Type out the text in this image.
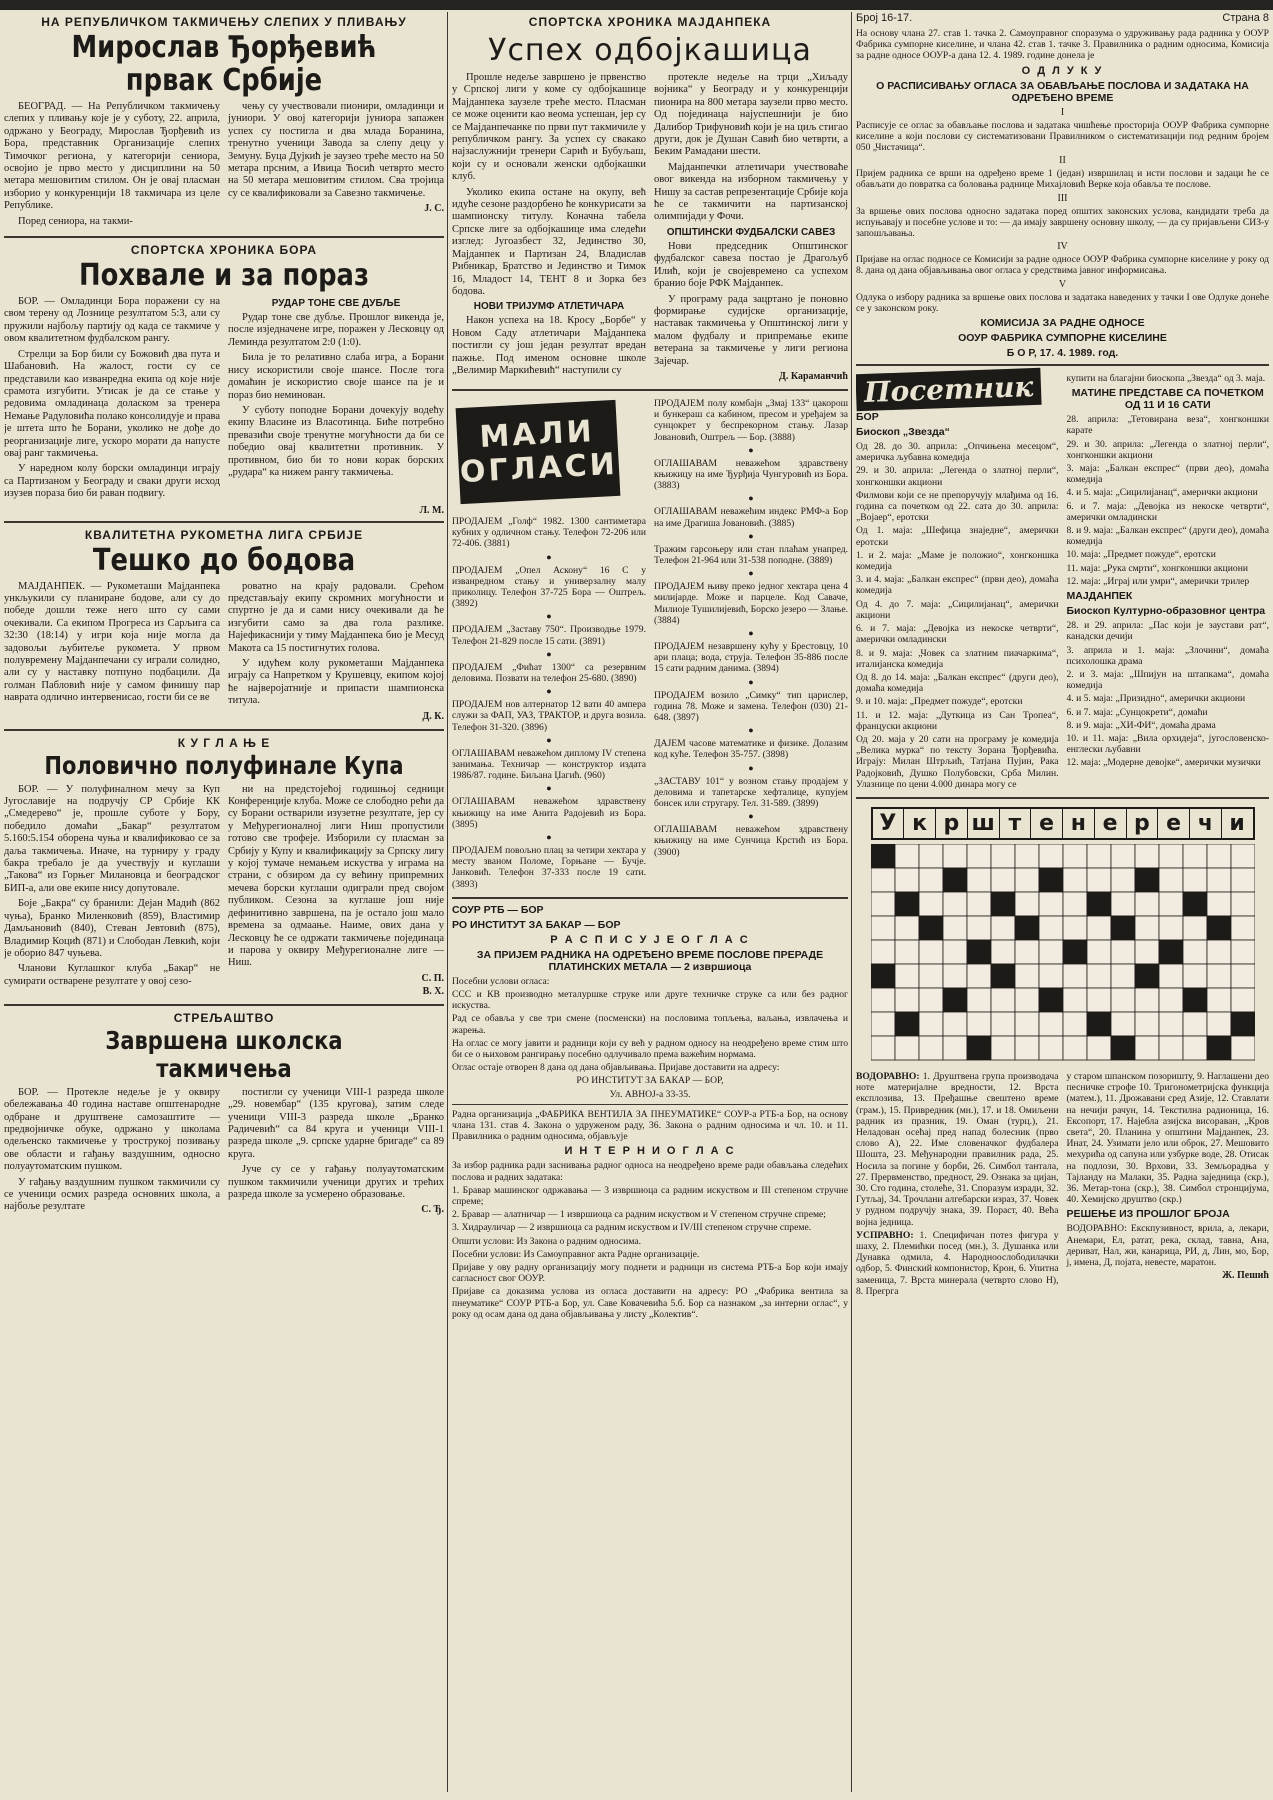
НА РЕПУБЛИЧКОМ ТАКМИЧЕЊУ СЛЕПИХ У ПЛИВАЊУ
Мирослав Ђорђевић првак Србије

БЕОГРАД. — На Републичком такмичењу слепих у пливању које је у суботу, 22. априла, одржано у Београду, Мирослав Ђорђевић из Бора, представник Организације слепих Тимочког региона, у категорији сениора, освојио је прво место у дисциплини на 50 метара мешовитим стилом. Он је овај пласман изборио у конкуренцији 18 такмичара из целе Републике.

Поред сениора, на такми-

чењу су учествовали пионири, омладинци и јуниори. У овој категорији јуниора запажен успех су постигла и два млада Боранина, тренутно ученици Завода за слепу децу у Земуну. Буца Дујкић је заузео треће место на 50 метара прсним, а Ивица Ћосић четврто место на 50 метара мешовитим стилом. Сва тројица су се квалификовали за Савезно такмичење.

Ј. С.
СПОРТСКА ХРОНИКА БОРА
Похвале и за пораз

БОР. — Омладинци Бора поражени су на свом терену од Лознице резултатом 5:3, али су пружили најбољу партију од када се такмиче у овом квалитетном фудбалском рангу.

Стрелци за Бор били су Божовић два пута и Шабановић. На жалост, гости су се представили као изванредна екипа од које није срамота изгубити. Утисак је да се стање у редовима омладинаца доласком за тренера Немање Радуловића полако консолидује и права је штета што ће Борани, уколико не дође до реорганизације лиге, ускоро морати да напусте овај ранг такмичења.

У наредном колу борски омладинци играју са Партизаном у Београду и сваки други исход изузев пораза био би раван подвигу.

РУДАР ТОНЕ СВЕ ДУБЉЕ

Рудар тоне све дубље. Прошлог викенда је, после изједначене игре, поражен у Лесковцу од Леминда резултатом 2:0 (1:0).

Била је то релативно слаба игра, а Борани нису искористили своје шансе. После тога домаћин је искористио своје шансе па је и пораз био неминован.

У суботу поподне Борани дочекују водећу екипу Власине из Власотинца. Биће потребно превазићи своје тренутне могућности да би се победио овај квалитетни противник. У противном, био би то нови корак борских „рудара“ ка нижем рангу такмичења.

Л. М.
КВАЛИТЕТНА РУКОМЕТНА ЛИГА СРБИЈЕ
Тешко до бодова

МАЈДАНПЕК. — Рукометаши Мајданпека ункљукили су планиране бодове, али су до победе дошли теже него што су сами очекивали. Са екипом Прогреса из Сарљига са 32:30 (18:14) у игри која није могла да задовољи љубитеље рукомета. У првом полувремену Мајданпечани су играли солидно, али су у наставку потпуно подбацили. Да голман Пабловић није у самом финишу пар навратa одлично интервенисао, гости би се вe

роватно на крају радовали. Срећом представљају екипу скромних могућности и спуртно је да и сами нису очекивали да ће изгубити само за два гола разлике. Најефикаснији у тиму Мајданпека био је Месуд Макота са 15 постигнутих голова.

У идућем колу рукометаши Мајданпека играју са Напретком у Крушевцу, екипом којој ће најверојатније и припасти шампионска титула.

Д. К.
К У Г Л А Њ Е
Половично полуфинале Купа

БОР. — У полуфиналном мечу за Куп Југославије на подручју СР Србије КК „Смедерево“ је, прошле суботе у Бору, победило домаћи „Бакар“ резултатом 5.160:5.154 оборена чуњa и квалификовао се за даља такмичења. Иначе, на турниру у граду бакра требало је да учествују и куглаши „Такова“ из Горњег Милановца и београдског БИП-а, али ове екипе нису допутовале.

Боје „Бакра“ су бранили: Дејан Мадић (862 чуња), Бранко Миленковић (859), Властимир Дамљановић (840), Стеван Јевтовић (875), Владимир Коцић (871) и Слободан Левкић, који је оборио 847 чуњева.

Чланови Куглашког клуба „Бакар“ не сумирати остварене резултате у овој сезо-

ни на предстојећој годишњој седници Конференције клуба. Може се слободно рећи да су Борани остварили изузетне резултате, јер су у Међурегионалној лиги Ниш пропустили готово све трофеје. Изборили су пласман за Србију у Купу и квалификацију за Српску лигу у којој тумаче немањем искуства у играма на страни, с обзиром да су већину припремних мечева борски куглаши одигрaли пред својом публиком. Сезона за куглаше још није дефинитивно завршена, па је остало још мало времена за одмаање. Наиме, ових дана у Лесковцу ће се одржати такмичење појединаца и парова у оквиру Међурегионалне лиге — Ниш.

С. П.
В. Х.
СТРЕЉАШТВО
Завршена школска такмичења

БОР. — Протекле недеље је у оквиру обележавања 40 година наставе општенародне одбране и друштвене самозаштите — предвојничке обуке, одржано у школама одељенско такмичење у трострукој позивању ове области и гађању ваздушним, односно полуаутоматским пушком.

У гађању ваздушним пушком такмичили су се ученици осмих разреда основних школа, а најбоље резултате

постигли су ученици VIII-1 разреда школе „29. новембар“ (135 кругова), затим следе ученици VIII-3 разреда школе „Бранко Радичевић“ са 84 круга и ученици VIII-1 разреда школе „9. српске ударне бригаде“ са 89 круга.

Јуче су се у гађању полуаутоматским пушком такмичили ученици других и трећих разреда школе за усмерено образовање.

С. Ђ.
СПОРТСКА ХРОНИКА МАЈДАНПЕКА
Успех одбојкашица

Прошле недеље завршено је првенство у Српској лиги у коме су одбојкашице Мајданпека заузеле треће место. Пласман се може оценити као веома успешан, јер су се Мајданпечанке по први пут такмичиле у републичком рангу. За успех су свакако најзаслужнији тренери Сарић и Бубуљаш, који су и основали женски одбојкашки клуб.

Уколико екипа остане на окупу, већ идуће сезоне раздорбено ће конкурисати за шампионску титулу. Коначна табела Српске лиге за одбојкашице има следећи изглед: Југоазбест 32, Јединство 30, Мајданпек и Партизан 24, Владислав Рибникар, Братство и Јединство и Тимок 16, Младост 14, ТЕНТ 8 и Зорка без бодова.

НОВИ ТРИЈУМФ АТЛЕТИЧАРА

Након успеха на 18. Кросу „Борбе“ у Новом Саду атлетичари Мајданпека постигли су још један резултат вредан пажње. Под именом основне школе „Велимир Маркићевић“ наступили су

протекле недеље на трци „Хиљаду војника“ у Београду и у конкуренцији пионира на 800 метара заузели прво место. Од појединаца најуспешнији је био Далибор Трифуновић који је на циљ стигао други, док је Душан Савић био четврти, а Беким Рамадани шести.

Мајданпечки атлетичари учествоваће овог викенда на изборном такмичењу у Нишу за састав репрезентације Србије која ће се такмичити на партизанској олимпијади у Фочи.

ОПШТИНСКИ ФУДБАЛСКИ САВЕЗ

Нови председник Општинског фудбалског савеза постао је Драгољуб Илић, који је својевремено са успехом бранио боје РФК Мајданпек.

У програму рада зацртано је поновно формирање судијске организације, наставак такмичења у Општинској лиги у малом фудбалу и припремање екипе ветерана за такмичење у лиги региона Зајечар.

Д. Караманчић
МАЛИ
ОГЛАСИ

ПРОДАЈЕМ „Голф“ 1982. 1300 сантиметара кубних у одличном стању. Телефон 72-206 или 72-406. (3881)

●

ПРОДАЈЕМ „Опел Аскону“ 16 С у изванредном стању и универзалну малу приколицу. Телефон 37-725 Бора — Оштрељ. (3892)

●

ПРОДАЈЕМ „Заставу 750“. Производње 1979. Телефон 21-829 после 15 сати. (3891)

●

ПРОДАЈЕМ „Фићат 1300“ са резервним деловима. Позвати на телефон 25-680. (3890)

●

ПРОДАЈЕМ нов алтернатор 12 вати 40 ампера служи за ФАП, УАЗ, ТРАКТОР, и друга возила. Телефон 31-320. (3896)

●

ОГЛАШАВАМ неважећом диплому IV степена занимања. Техничар — конструктор издата 1986/87. године. Биљана Џагић. (960)

●

ОГЛАШАВАМ неважећом здравствену књижицу на име Анита Радојевић из Бора. (3895)

●

ПРОДАЈЕМ повољно плац за четири хектара у месту званом Поломе, Горњане — Бучје. Јанковић. Телефон 37-333 после 19 сати. (3893)

ПРОДАЈЕМ полу комбајн „Змај 133“ цакорош и бункераш са кабином, пресом и уређајем за сунцокрет у беспрекорном стању. Лазар Јовановић, Оштрељ — Бор. (3888)

●

ОГЛАШАВАМ неважећом здравствену књижицу на име Ђурђија Чунгуровић из Бора. (3883)

●

ОГЛАШАВАМ неважећим индекс РМФ-а Бор на име Драгиша Јовановић. (3885)

●

Тражим гарсоњеру или стан плаћам унапред. Телефон 21-964 или 31-538 поподне. (3889)

●

ПРОДАЈЕМ њиву преко једног хектара цена 4 милијарде. Може и парцеле. Код Саваче, Милиоје Тушилијевић, Борско језеро — Злање. (3884)

●

ПРОДАЈЕМ незавршену кућу у Брестовцу, 10 ари плаца; вода, струја. Телефон 35-886 после 15 сати радним данима. (3894)

●

ПРОДАЈЕМ возило „Симку“ тип царислер, година 78. Може и замена. Телефон (030) 21-648. (3897)

●

ДАЈЕМ часове математике и физике. Долазим код куће. Телефон 35-757. (3898)

●

„ЗАСТАВУ 101“ у возном стању продајем у деловима и тапетарске хефталице, купујем бонсек или стругару. Тел. 31-589. (3899)

●

ОГЛАШАВАМ неважећом здравствену књижицу на име Сунчица Крстић из Бора. (3900)

СОУР РТБ — БОР
РО ИНСТИТУТ ЗА БАКАР — БОР
Р А С П И С У Ј Е О Г Л А С
ЗА ПРИЈЕМ РАДНИКА НА ОДРЕЂЕНО ВРЕМЕ ПОСЛОВЕ ПРЕРАДЕ ПЛАТИНСКИХ МЕТАЛА — 2 извршиоца

Посебни услови огласа:

ССС и КВ производно металуршке струке или друге техничке струке са или без радног искуства.

Рад се обавља у све три смене (посменски) на пословима топљења, ваљања, извлачења и жарења.

На оглас се могу јавити и радници који су већ у радном односу на неодређено време стим што би се о њиховом рангирању посебно одлучивало према важећим нормама.

Оглас остаје отворен 8 дана од дана објављивања. Пријаве доставити на адресу:

РО ИНСТИТУТ ЗА БАКАР — БОР,

Ул. АВНОЈ-а 33-35.

Радна организација „ФАБРИКА ВЕНТИЛА ЗА ПНЕУМАТИКЕ“ СОУР-а РТБ-а Бор, на основу члана 131. став 4. Закона о удруженом раду, 36. Закона о радним односима и чл. 10. и 11. Правилника о радним односима, објављује

И Н Т Е Р Н И О Г Л А С

За избор радника ради заснивања радног односа на неодређено време ради обављања следећих послова и радних задатака:

1. Бравар машинског одржавања — 3 извршиоца са радним искуством и III степеном стручне спреме;

2. Бравар — алатничар — 1 извршиоца са радним искуством и V степеном стручне спреме;

3. Хидрауличар — 2 извршиоца са радним искуством и IV/III степеном стручне спреме.

Општи услови: Из Закона о радним односима.

Посебни услови: Из Самоуправног акта Радне организације.

Пријаве у ову радну организацију могу поднети и радници из система РТБ-а Бор који имају сагласност свог ООУР.

Пријаве са доказима услова из огласа доставити на адресу: РО „Фабрика вентила за пнеуматике“ СОУР РТБ-а Бор, ул. Саве Ковачевића 5.б. Бор са назнаком „за интерни оглас“, у року од осам дана од дана објављивања у листу „Колектив“.

Број 16-17.	Страна 8

На основу члана 27. став 1. тачка 2. Самоуправног споразума о удруживању рада радника у ООУР Фабрика сумпорне киселине, и члана 42. став 1. тачке 3. Правилника о радним односима, Комисија за радне односе ООУР-а дана 12. 4. 1989. године донела је

О Д Л У К У
О РАСПИСИВАЊУ ОГЛАСА ЗА ОБАВЉАЊЕ ПОСЛОВА И ЗАДАТАКА НА ОДРЕЂЕНО ВРЕМЕ
I

Расписује се оглас за обављање послова и задатака чишћење просторија ООУР Фабрика сумпорне киселине а који послови су систематизовани Правилником о систематизацији под редним бројем 050 „Чистачица“.

II

Пријем радника се врши на одређено време 1 (један) извршилац и исти послови и задаци ће се обављати до повратка са боловања раднице Михајловић Верке која обавља те послове.

III

За вршење ових послова односно задатака поред општих законских услова, кандидати треба да испуњавају и посебне услове и то: — да имају завршену основну школу, — да су пријављени СИЗ-у запошљавања.

IV

Пријаве на оглас подносе се Комисији за радне односе ООУР Фабрика сумпорне киселине у року од 8. дана од дана објављивања овог огласа у средствима јавног информисања.

V

Одлука о избору радника за вршење ових послова и задатака наведених у тачки I ове Одлуке донеће се у законском року.

КОМИСИЈА ЗА РАДНЕ ОДНОСЕ
ООУР ФАБРИКА СУМПОРНЕ КИСЕЛИНЕ
Б О Р, 17. 4. 1989. год.
Посетник
БОР
Биоскоп „Звезда“

Од 28. до 30. априла: „Опчињена месецом“, америчка љубавна комедија

29. и 30. априла: „Легенда о златној перли“, хонгконшки акциони

Филмови који се не препоручују млађима од 16. година са почетком од 22. сата до 30. априла: „Војаер“, еротски

Од 1. маја: „Шефица знаједне“, амерички еротски

1. и 2. маја: „Маме је положио“, хонгконшка комедија

3. и 4. маја: „Балкан експрес“ (први део), домаћа комедија

Од 4. до 7. маја: „Сицилијанац“, амерички акциони

6. и 7. маја: „Девојка из некоске четврти“, амерички омладински

8. и 9. маја: „Човек са златним пиачаркима“, италијанска комедија

Од 8. до 14. маја: „Балкан експрес“ (други део), домаћа комедија

9. и 10. маја: „Предмет пожуде“, еротски

11. и 12. маја: „Дуткица из Сан Тропеа“, француски акциони

Од 20. маја у 20 сати на програму је комедија „Велика мурка“ по тексту Зорана Ђорђевића. Играју: Милан Штрљић, Татјана Пујин, Рака Радојковић, Душко Полубовски, Срба Милин. Улазнице по цени 4.000 динара могу се

купити на благајни биоскопа „Звезда“ од 3. маја.

МАТИНЕ ПРЕДСТАВЕ СА ПОЧЕТКОМ ОД 11 И 16 САТИ

28. априла: „Тетовирана веза“, хонгконшки карате

29. и 30. априла: „Легенда о златној перли“, хонгконшки акциони

3. маја: „Балкан експрес“ (први део), домаћа комедија

4. и 5. маја: „Сицилијанац“, амерички акциони

6. и 7. маја: „Девојка из некоске четврти“, амерички омладински

8. и 9. маја: „Балкан експрес“ (други део), домаћа комедија

10. маја: „Предмет пожуде“, еротски

11. маја: „Рука смрти“, хонгконшки акциони

12. маја: „Играј или умри“, амерички трилер

МАЈДАНПЕК
Биоскоп Културно-образовног центра

28. и 29. априла: „Пас који је заустави рат“, канадски дечији

3. априла и 1. маја: „Злочини“, домаћа психолошка драма

2. и 3. маја: „Шпијун на штапкама“, домаћа комедија

4. и 5. маја: „Призидно“, амерички акциони

6. и 7. маја: „Сунцокрети“, домаћи

8. и 9. маја: „ХИ-ФИ“, домаћа драма

10. и 11. маја: „Вила орхидеја“, југословенско-енглески љубавни

12. маја: „Модерне девојке“, амерички музички

У к р ш т е н е р е ч и

ВОДОРАВНО: 1. Друштвена група производача ноте материјалне вредности, 12. Врста експлозива, 13. Пређашње свештено време (грам.), 15. Привредник (мн.), 17. и 18. Омиљени радник из празник, 19. Оман (турц.), 21. Неладован осећај пред напад болесник (прво слово А), 22. Име словеначког фудбалера Шошта, 23. Међународни правилник рада, 25. Носила за погине у борби, 26. Симбол тантала, 27. Прервменство, предност, 29. Ознака за цијан, 30. Сто година, столеће, 31. Споразум изради, 32. Гутљај, 34. Трочлани алгебарски израз, 37. Човек у рудном подручју знака, 39. Пораст, 40. Већа војна једница.

УСПРАВНО: 1. Специфичан потез фигура у шаху, 2. Племићки посед (мн.), 3. Душанка или Дунавка одмила, 4. Народноослободилачки одбор, 5. Финский компонистор, Крон, 6. Упитна заменица, 7. Врста минерала (четврто слово Н), 8. Прегрга

у старом шпанском позоришту, 9. Наглашени део песничке строфе 10. Тригонометријска функција (матем.), 11. Дрожавани сред Азије, 12. Ставлати на нечији рачун, 14. Текстилна радионица, 16. Ексопорт, 17. Најебла азијска висораван, „Кров света“, 20. Планина у општини Мајданпек, 23. Инат, 24. Узимати јело или оброк, 27. Мешовито мехурића од сапуна или узбурке воде, 28. Отисак на подлози, 30. Врхови, 33. Земљорадња у Тајланду на Малаки, 35. Радна заједница (скр.), 36. Метар-тона (скр.), 38. Симбол стронцијума, 40. Хемијско друштво (скр.)

РЕШЕЊЕ ИЗ ПРОШЛОГ БРОЈА

ВОДОРАВНО: Екскпузивност, врила, а, лекари, Анемари, Ел, ратат, река, склад, тавна, Ана, дериват, Нал, жи, канарица, РИ, д, Лин, мо, Бор, ј, имена, Д, појата, невесте, маратон.

Ж. Пешић
